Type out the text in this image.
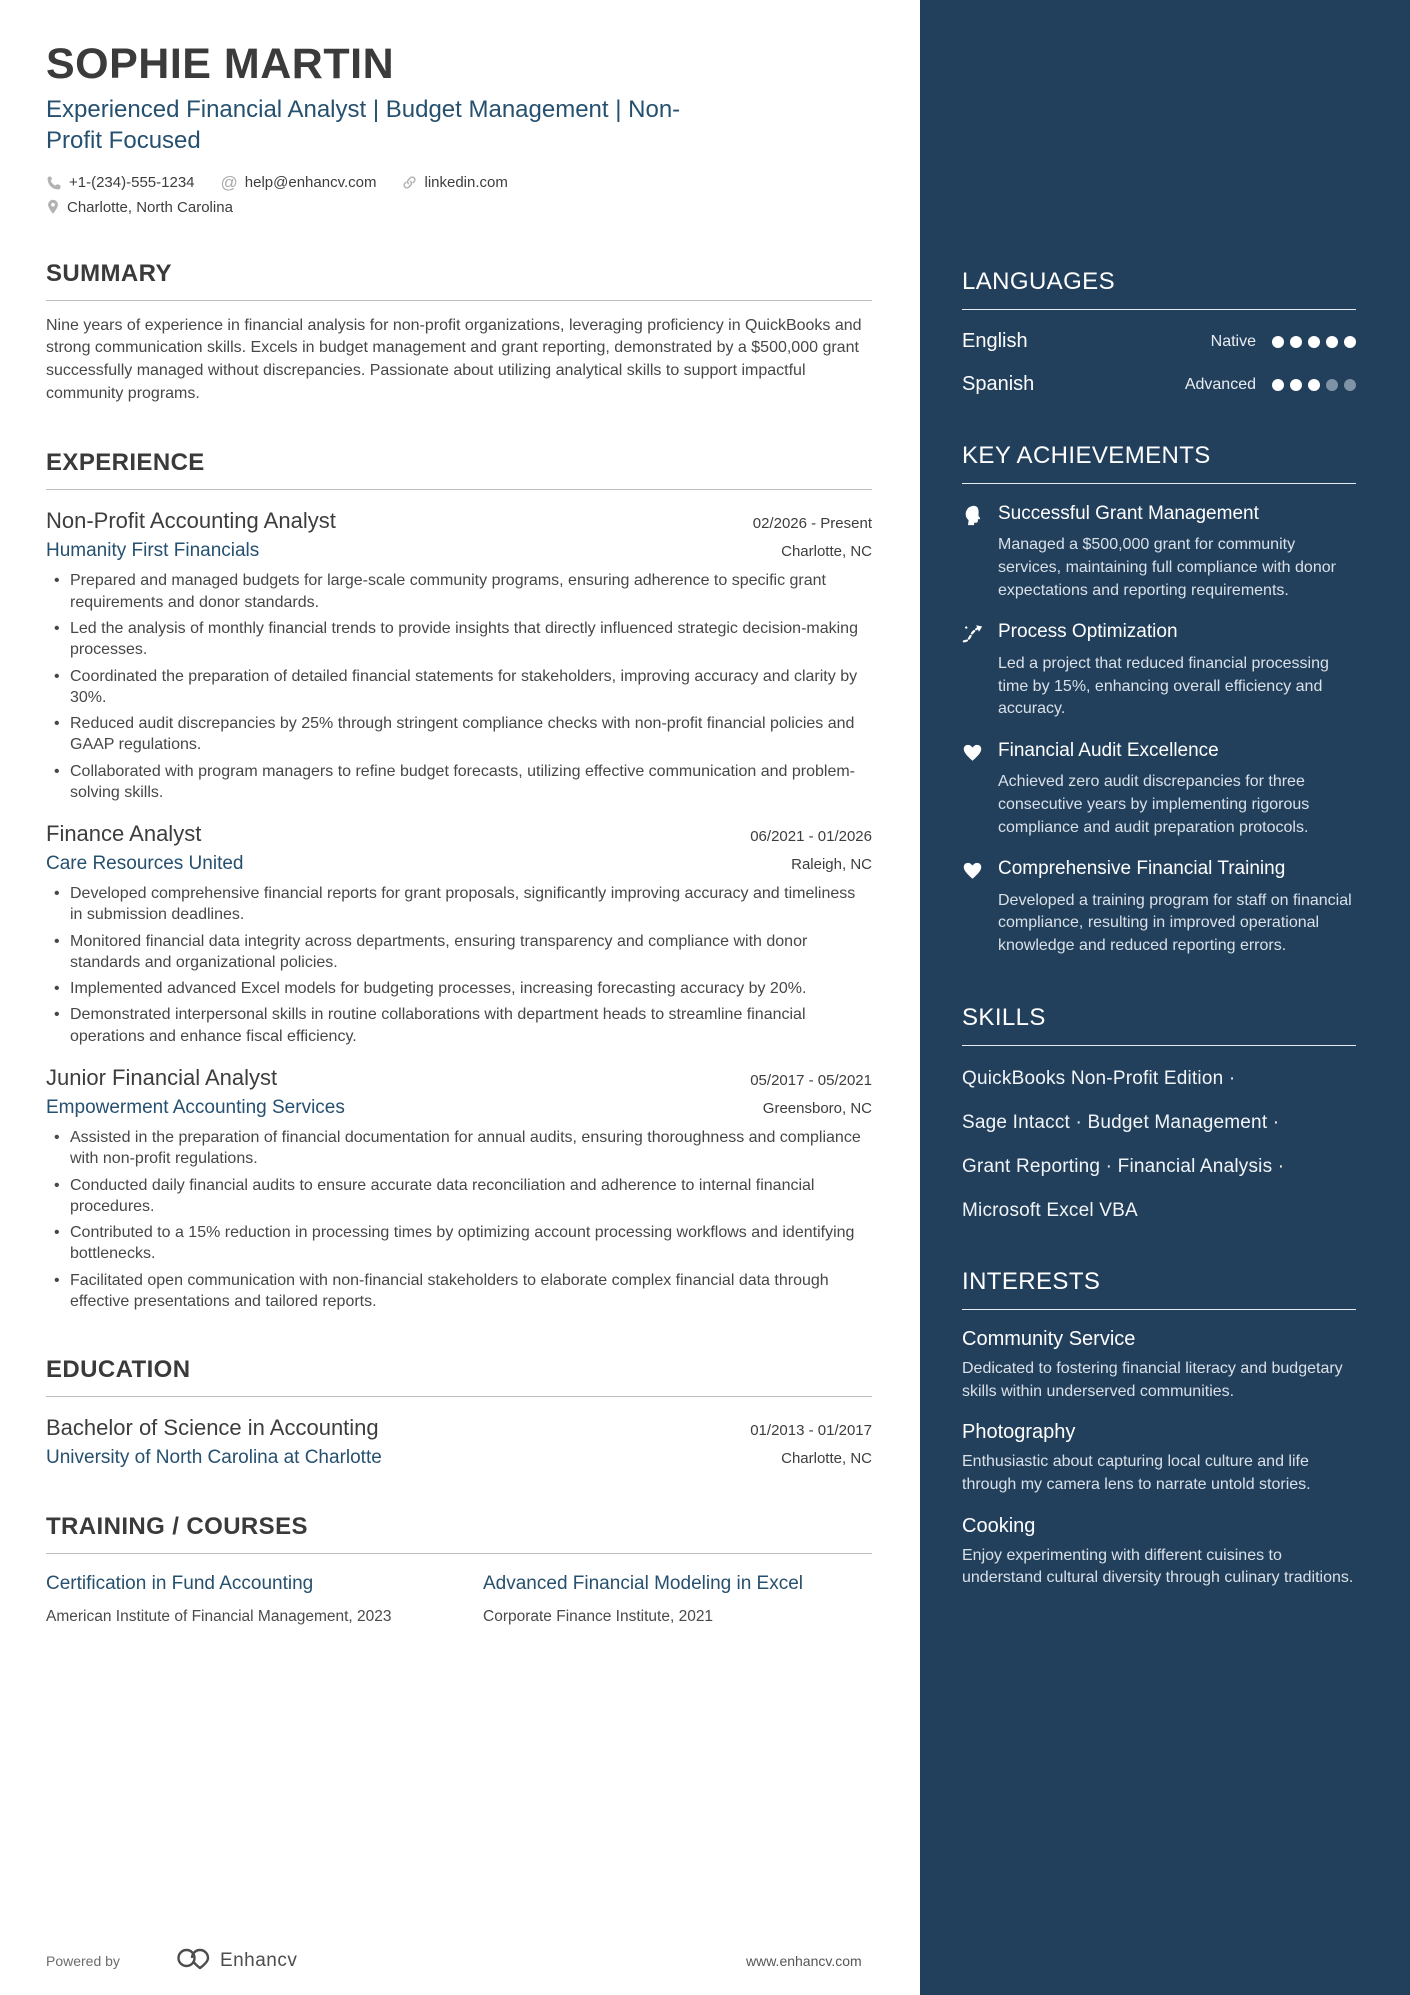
SOPHIE MARTIN
Experienced Financial Analyst | Budget Management | Non-Profit Focused
+1-(234)-555-1234 @ help@enhancv.com	linkedin.com
Charlotte, North Carolina
SUMMARY

Nine years of experience in financial analysis for non-profit organizations, leveraging proficiency in QuickBooks and strong communication skills. Excels in budget management and grant reporting, demonstrated by a $500,000 grant successfully managed without discrepancies. Passionate about utilizing analytical skills to support impactful community programs.

EXPERIENCE
Non-Profit Accounting Analyst	02/2026 - Present
Humanity First Financials	Charlotte, NC
• Prepared and managed budgets for large-scale community programs, ensuring adherence to specific grant requirements and donor standards.
• Led the analysis of monthly financial trends to provide insights that directly influenced strategic decision-making processes.
• Coordinated the preparation of detailed financial statements for stakeholders, improving accuracy and clarity by 30%.
• Reduced audit discrepancies by 25% through stringent compliance checks with non-profit financial policies and GAAP regulations.
• Collaborated with program managers to refine budget forecasts, utilizing effective communication and problem-solving skills.
Finance Analyst	06/2021 - 01/2026
Care Resources United	Raleigh, NC
• Developed comprehensive financial reports for grant proposals, significantly improving accuracy and timeliness in submission deadlines.
• Monitored financial data integrity across departments, ensuring transparency and compliance with donor standards and organizational policies.
• Implemented advanced Excel models for budgeting processes, increasing forecasting accuracy by 20%.
• Demonstrated interpersonal skills in routine collaborations with department heads to streamline financial operations and enhance fiscal efficiency.
Junior Financial Analyst	05/2017 - 05/2021
Empowerment Accounting Services	Greensboro, NC
• Assisted in the preparation of financial documentation for annual audits, ensuring thoroughness and compliance with non-profit regulations.
• Conducted daily financial audits to ensure accurate data reconciliation and adherence to internal financial procedures.
• Contributed to a 15% reduction in processing times by optimizing account processing workflows and identifying bottlenecks.
• Facilitated open communication with non-financial stakeholders to elaborate complex financial data through effective presentations and tailored reports.
EDUCATION
Bachelor of Science in Accounting	01/2013 - 01/2017
University of North Carolina at Charlotte	Charlotte, NC
TRAINING / COURSES
Certification in Fund Accounting
American Institute of Financial Management, 2023
Advanced Financial Modeling in Excel
Corporate Finance Institute, 2021
Powered by	Enhancv	www.enhancv.com
LANGUAGES
English	Native
Spanish	Advanced
KEY ACHIEVEMENTS
Successful Grant Management
Managed a $500,000 grant for community services, maintaining full compliance with donor expectations and reporting requirements.
Process Optimization
Led a project that reduced financial processing time by 15%, enhancing overall efficiency and accuracy.
Financial Audit Excellence
Achieved zero audit discrepancies for three consecutive years by implementing rigorous compliance and audit preparation protocols.
Comprehensive Financial Training
Developed a training program for staff on financial compliance, resulting in improved operational knowledge and reduced reporting errors.
SKILLS
QuickBooks Non-Profit Edition ·
Sage Intacct · Budget Management ·
Grant Reporting · Financial Analysis ·
Microsoft Excel VBA
INTERESTS
Community Service
Dedicated to fostering financial literacy and budgetary skills within underserved communities.
Photography
Enthusiastic about capturing local culture and life through my camera lens to narrate untold stories.
Cooking
Enjoy experimenting with different cuisines to understand cultural diversity through culinary traditions.
